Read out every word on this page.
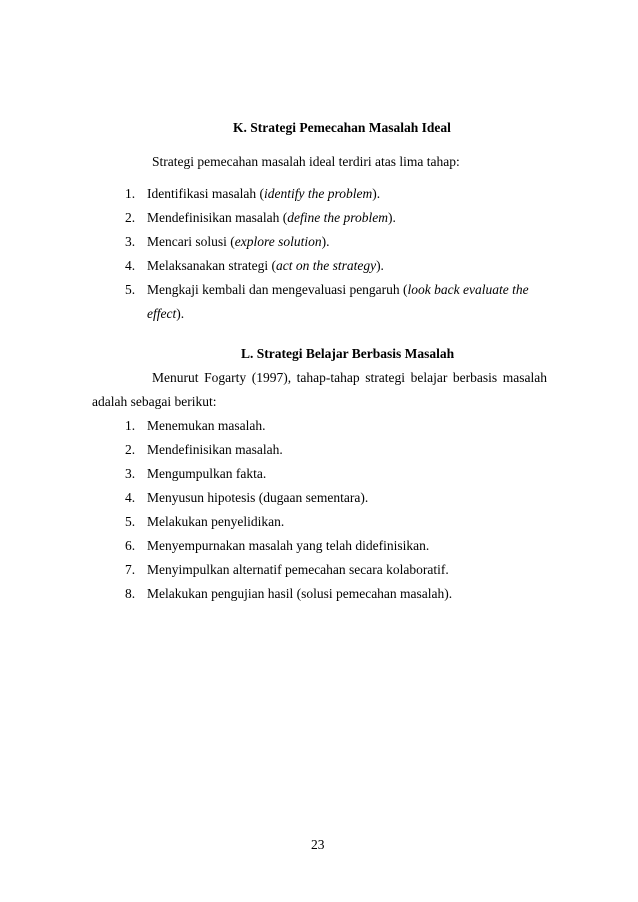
K. Strategi Pemecahan Masalah Ideal
Strategi pemecahan masalah ideal terdiri atas lima tahap:
1. Identifikasi masalah (identify the problem).
2. Mendefinisikan masalah (define the problem).
3. Mencari solusi (explore solution).
4. Melaksanakan strategi (act on the strategy).
5. Mengkaji kembali dan mengevaluasi pengaruh (look back evaluate the
effect).
L. Strategi Belajar Berbasis Masalah
Menurut Fogarty (1997), tahap-tahap strategi belajar berbasis masalah
adalah sebagai berikut:
1. Menemukan masalah.
2. Mendefinisikan masalah.
3. Mengumpulkan fakta.
4. Menyusun hipotesis (dugaan sementara).
5. Melakukan penyelidikan.
6. Menyempurnakan masalah yang telah didefinisikan.
7. Menyimpulkan alternatif pemecahan secara kolaboratif.
8. Melakukan pengujian hasil (solusi pemecahan masalah).
23
